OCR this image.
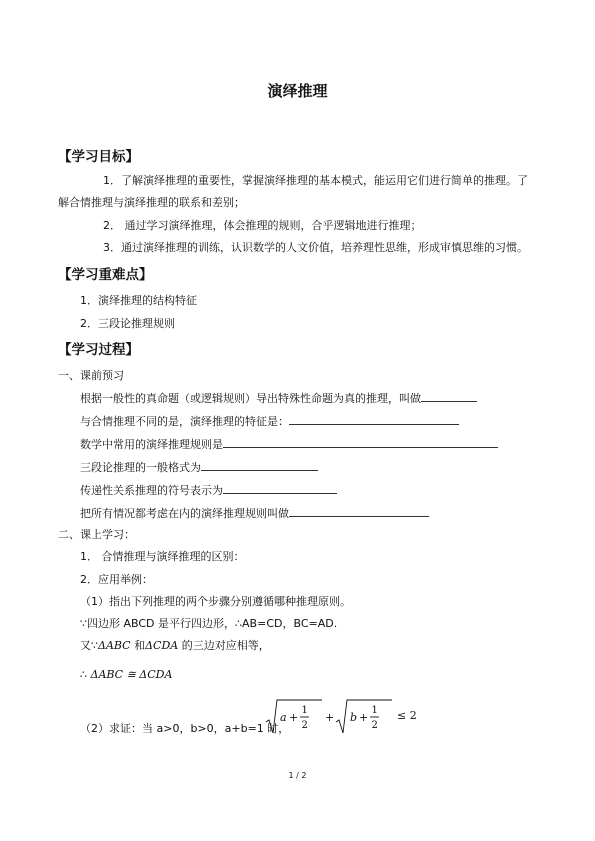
演绎推理
【学习目标】
1．了解演绎推理的重要性，掌握演绎推理的基本模式，能运用它们进行简单的推理。了
解合情推理与演绎推理的联系和差别；
2． 通过学习演绎推理，体会推理的规则，合乎逻辑地进行推理；
3．通过演绎推理的训练，认识数学的人文价值，培养理性思维，形成审慎思维的习惯。
【学习重难点】
1．演绎推理的结构特征
2．三段论推理规则
【学习过程】
一、课前预习
根据一般性的真命题（或逻辑规则）导出特殊性命题为真的推理，叫做
与合情推理不同的是，演绎推理的特征是：
数学中常用的演绎推理规则是
三段论推理的一般格式为
传递性关系推理的符号表示为
把所有情况都考虑在内的演绎推理规则叫做
二、课上学习：
1． 合情推理与演绎推理的区别：
2．应用举例：
（1）指出下列推理的两个步骤分别遵循哪种推理原则。
∵四边形 ABCD 是平行四边形，∴AB=CD，BC=AD.
又∵ΔABC 和ΔCDA 的三边对应相等，
∴ ΔABC ≅ ΔCDA
（2）求证：当 a>0，b>0，a+b=1 时，
a +
1
2
+ b +
1
2
≤ 2
1 / 2
